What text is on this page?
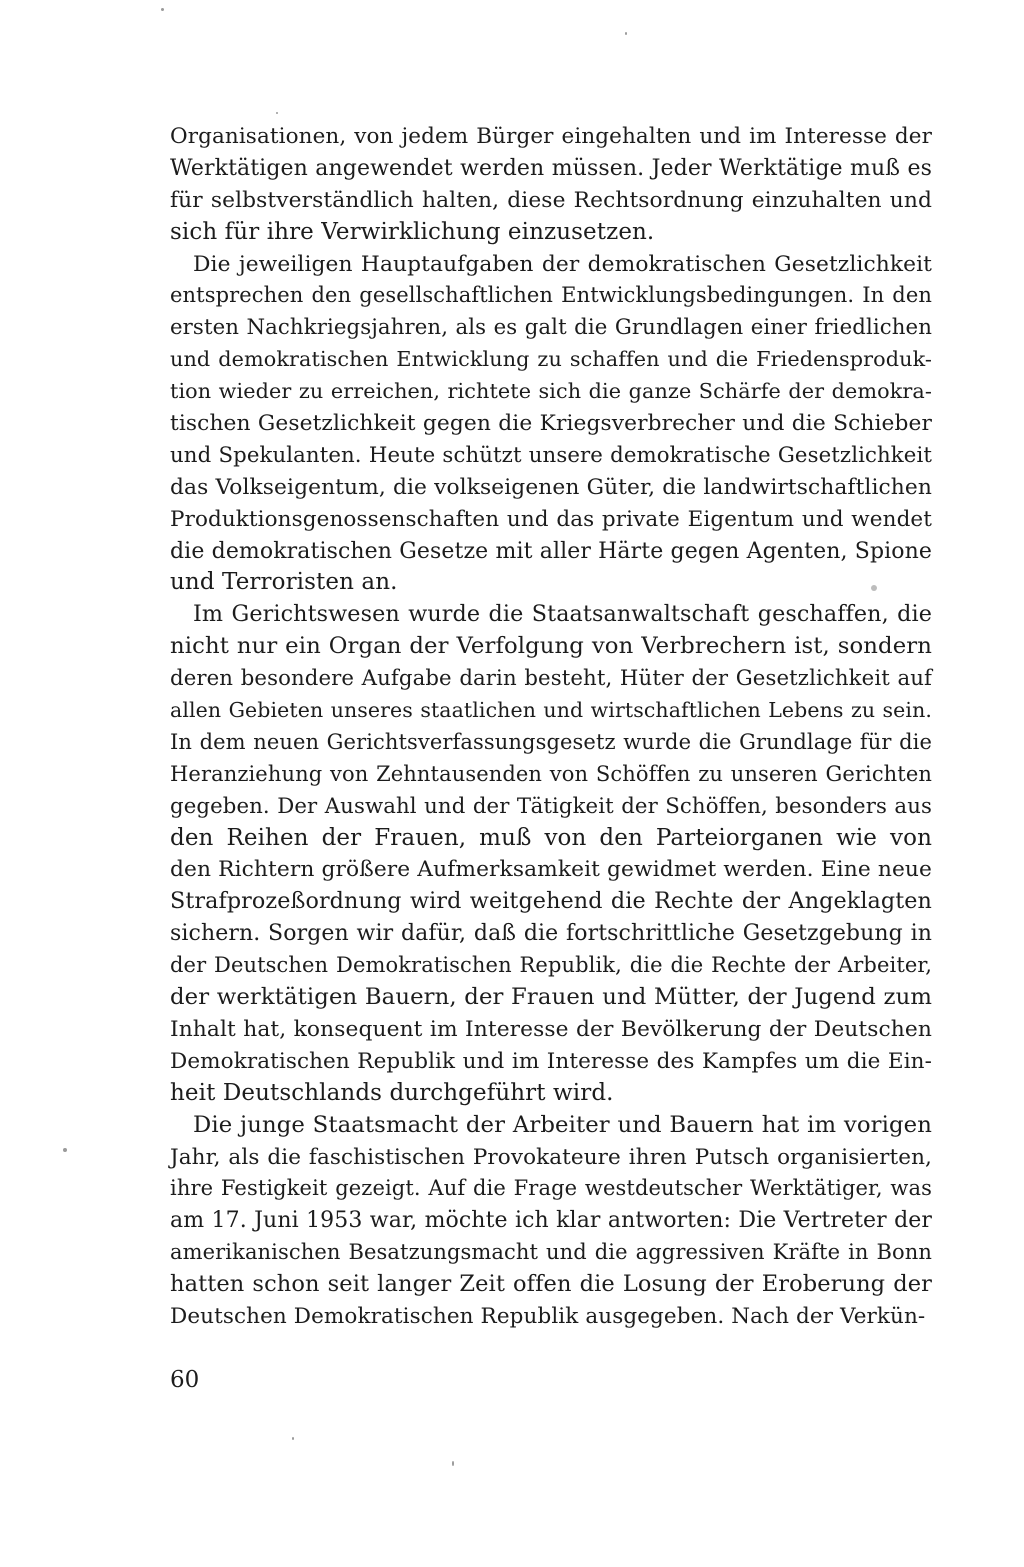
Organisationen, von jedem Bürger eingehalten und im Interesse der
Werktätigen angewendet werden müssen. Jeder Werktätige muß es
für selbstverständlich halten, diese Rechtsordnung einzuhalten und
sich für ihre Verwirklichung einzusetzen.
Die jeweiligen Hauptaufgaben der demokratischen Gesetzlichkeit
entsprechen den gesellschaftlichen Entwicklungsbedingungen. In den
ersten Nachkriegsjahren, als es galt die Grundlagen einer friedlichen
und demokratischen Entwicklung zu schaffen und die Friedensproduk-
tion wieder zu erreichen, richtete sich die ganze Schärfe der demokra-
tischen Gesetzlichkeit gegen die Kriegsverbrecher und die Schieber
und Spekulanten. Heute schützt unsere demokratische Gesetzlichkeit
das Volkseigentum, die volkseigenen Güter, die landwirtschaftlichen
Produktionsgenossenschaften und das private Eigentum und wendet
die demokratischen Gesetze mit aller Härte gegen Agenten, Spione
und Terroristen an.
Im Gerichtswesen wurde die Staatsanwaltschaft geschaffen, die
nicht nur ein Organ der Verfolgung von Verbrechern ist, sondern
deren besondere Aufgabe darin besteht, Hüter der Gesetzlichkeit auf
allen Gebieten unseres staatlichen und wirtschaftlichen Lebens zu sein.
In dem neuen Gerichtsverfassungsgesetz wurde die Grundlage für die
Heranziehung von Zehntausenden von Schöffen zu unseren Gerichten
gegeben. Der Auswahl und der Tätigkeit der Schöffen, besonders aus
den Reihen der Frauen, muß von den Parteiorganen wie von
den Richtern größere Aufmerksamkeit gewidmet werden. Eine neue
Strafprozeßordnung wird weitgehend die Rechte der Angeklagten
sichern. Sorgen wir dafür, daß die fortschrittliche Gesetzgebung in
der Deutschen Demokratischen Republik, die die Rechte der Arbeiter,
der werktätigen Bauern, der Frauen und Mütter, der Jugend zum
Inhalt hat, konsequent im Interesse der Bevölkerung der Deutschen
Demokratischen Republik und im Interesse des Kampfes um die Ein-
heit Deutschlands durchgeführt wird.
Die junge Staatsmacht der Arbeiter und Bauern hat im vorigen
Jahr, als die faschistischen Provokateure ihren Putsch organisierten,
ihre Festigkeit gezeigt. Auf die Frage westdeutscher Werktätiger, was
am 17. Juni 1953 war, möchte ich klar antworten: Die Vertreter der
amerikanischen Besatzungsmacht und die aggressiven Kräfte in Bonn
hatten schon seit langer Zeit offen die Losung der Eroberung der
Deutschen Demokratischen Republik ausgegeben. Nach der Verkün-
60
